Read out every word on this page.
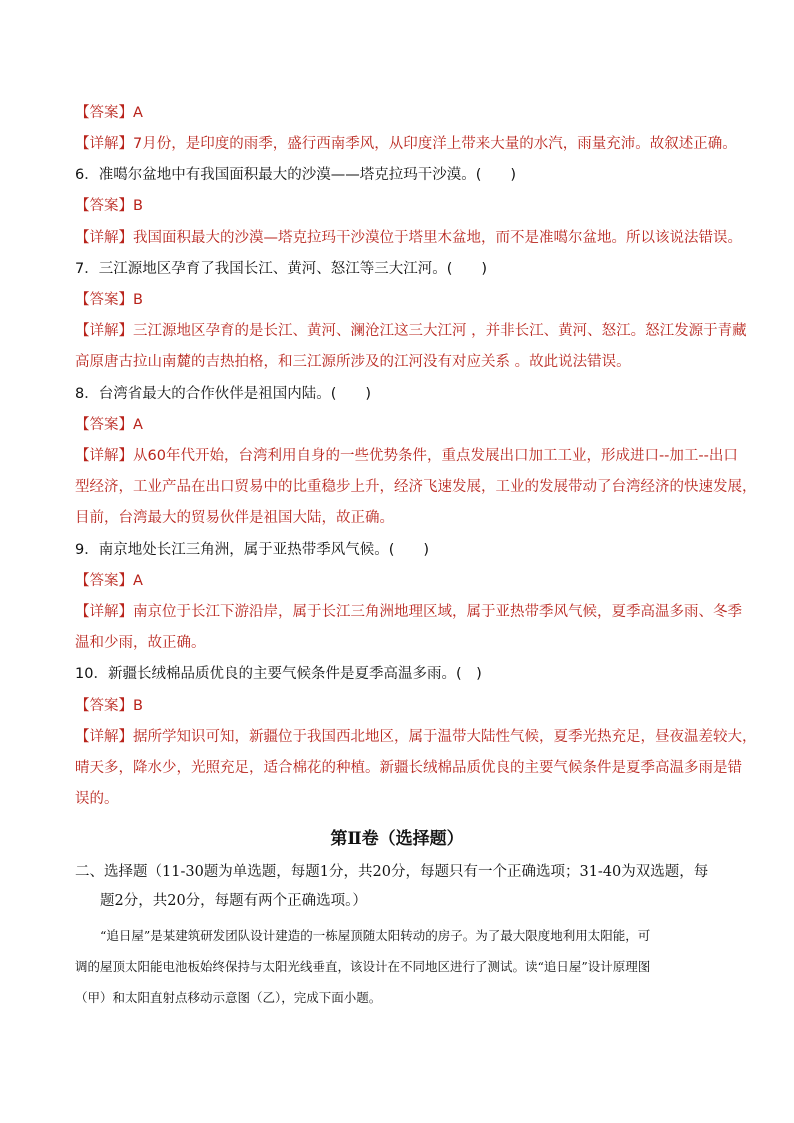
【答案】A
【详解】7月份，是印度的雨季，盛行西南季风，从印度洋上带来大量的水汽，雨量充沛。故叙述正确。
6．准噶尔盆地中有我国面积最大的沙漠——塔克拉玛干沙漠。(　　)
【答案】B
【详解】我国面积最大的沙漠—塔克拉玛干沙漠位于塔里木盆地，而不是准噶尔盆地。所以该说法错误。
7．三江源地区孕育了我国长江、黄河、怒江等三大江河。(　　)
【答案】B
【详解】三江源地区孕育的是长江、黄河、澜沧江这三大江河 ，并非长江、黄河、怒江。怒江发源于青藏
高原唐古拉山南麓的吉热拍格，和三江源所涉及的江河没有对应关系 。故此说法错误。
8．台湾省最大的合作伙伴是祖国内陆。(　　)
【答案】A
【详解】从60年代开始，台湾利用自身的一些优势条件，重点发展出口加工工业，形成进口--加工--出口
型经济，工业产品在出口贸易中的比重稳步上升，经济飞速发展，工业的发展带动了台湾经济的快速发展，
目前，台湾最大的贸易伙伴是祖国大陆，故正确。
9．南京地处长江三角洲，属于亚热带季风气候。(　　)
【答案】A
【详解】南京位于长江下游沿岸，属于长江三角洲地理区域，属于亚热带季风气候，夏季高温多雨、冬季
温和少雨，故正确。
10．新疆长绒棉品质优良的主要气候条件是夏季高温多雨。(　)
【答案】B
【详解】据所学知识可知，新疆位于我国西北地区，属于温带大陆性气候，夏季光热充足，昼夜温差较大，
晴天多，降水少，光照充足，适合棉花的种植。新疆长绒棉品质优良的主要气候条件是夏季高温多雨是错
误的。
第Ⅱ卷（选择题）
二、选择题（11-30题为单选题，每题1分，共20分，每题只有一个正确选项；31-40为双选题，每
题2分，共20分，每题有两个正确选项。）
“追日屋”是某建筑研发团队设计建造的一栋屋顶随太阳转动的房子。为了最大限度地利用太阳能，可
调的屋顶太阳能电池板始终保持与太阳光线垂直，该设计在不同地区进行了测试。读“追日屋”设计原理图
（甲）和太阳直射点移动示意图（乙），完成下面小题。
